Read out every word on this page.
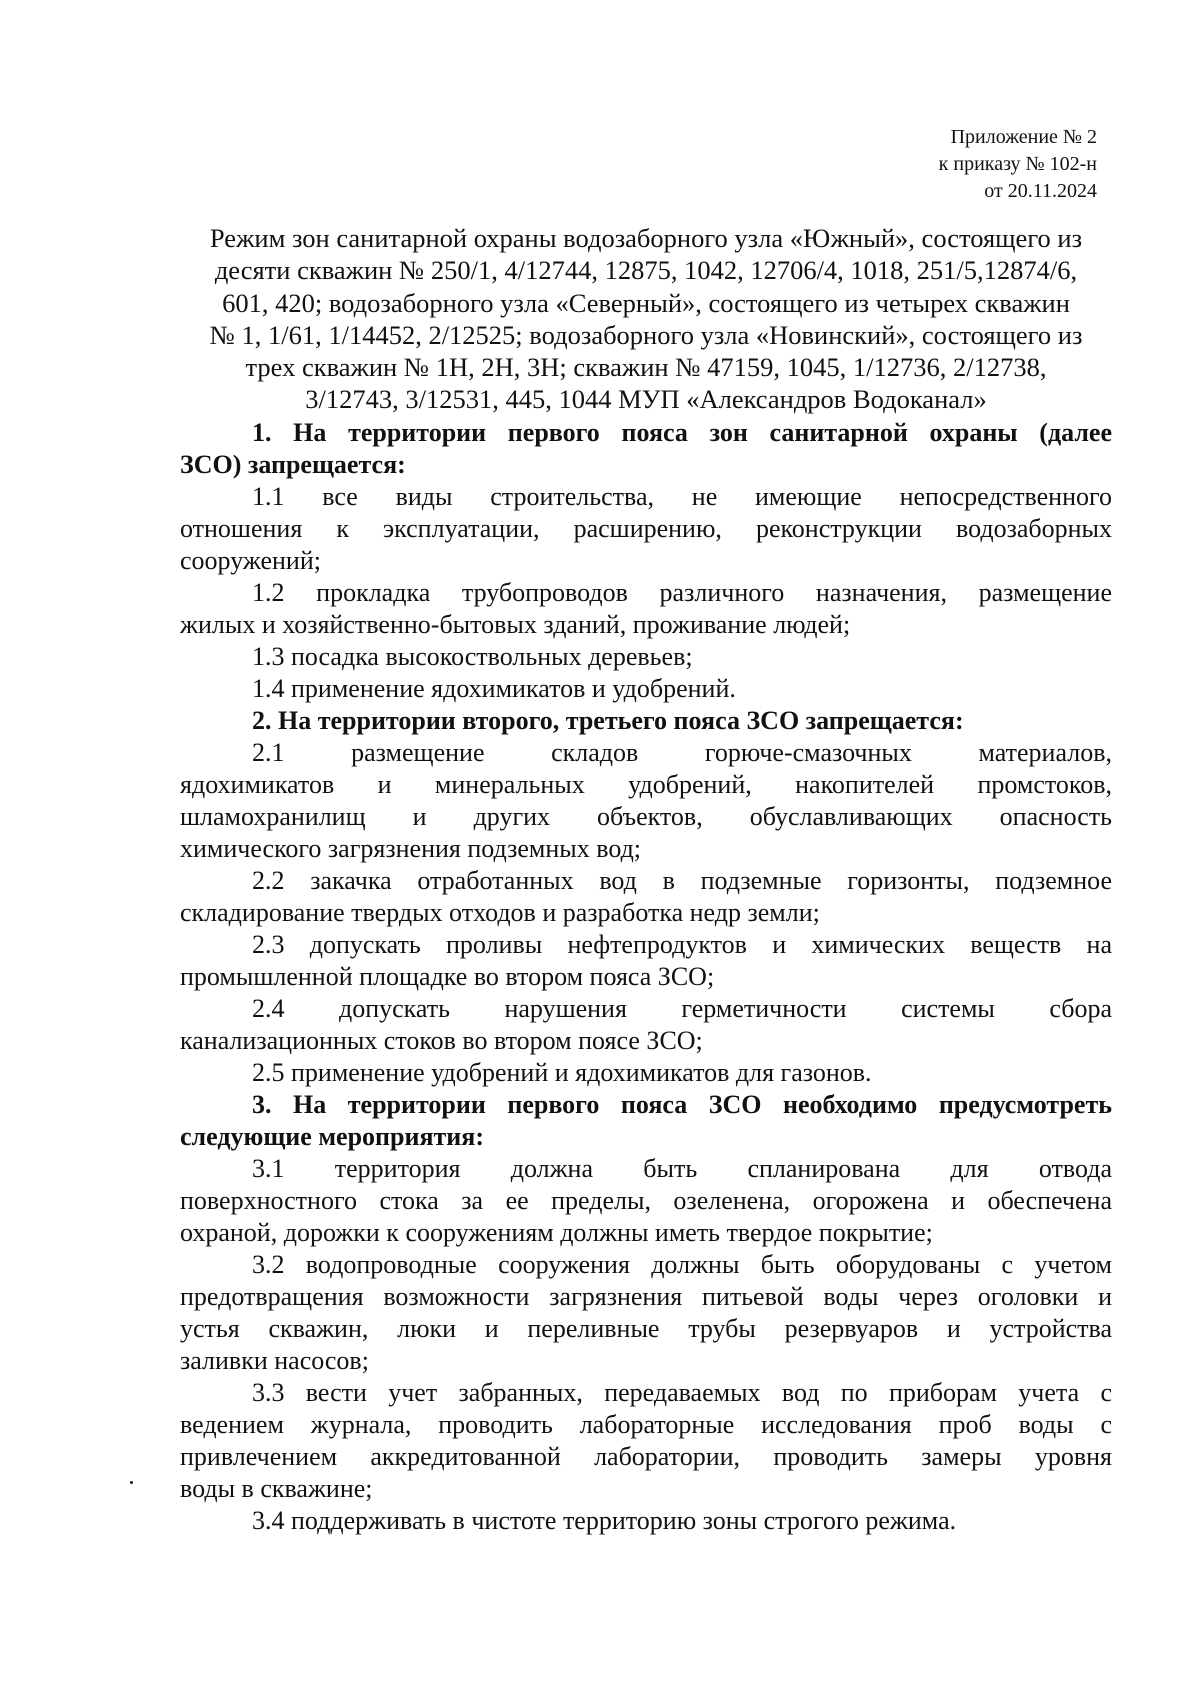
Приложение № 2
к приказу № 102-н
от 20.11.2024
Режим зон санитарной охраны водозаборного узла «Южный», состоящего из
десяти скважин № 250/1, 4/12744, 12875, 1042, 12706/4, 1018, 251/5,12874/6,
601, 420; водозаборного узла «Северный», состоящего из четырех скважин
№ 1, 1/61, 1/14452, 2/12525; водозаборного узла «Новинский», состоящего из
трех скважин № 1Н, 2Н, 3Н; скважин № 47159, 1045, 1/12736, 2/12738,
3/12743, 3/12531, 445, 1044 МУП «Александров Водоканал»
1. На территории первого пояса зон санитарной охраны (далее
ЗСО) запрещается:
1.1 все виды строительства, не имеющие непосредственного
отношения к эксплуатации, расширению, реконструкции водозаборных
сооружений;
1.2 прокладка трубопроводов различного назначения, размещение
жилых и хозяйственно-бытовых зданий, проживание людей;
1.3 посадка высокоствольных деревьев;
1.4 применение ядохимикатов и удобрений.
2. На территории второго, третьего пояса ЗСО запрещается:
2.1 размещение складов горюче-смазочных материалов,
ядохимикатов и минеральных удобрений, накопителей промстоков,
шламохранилищ и других объектов, обуславливающих опасность
химического загрязнения подземных вод;
2.2 закачка отработанных вод в подземные горизонты, подземное
складирование твердых отходов и разработка недр земли;
2.3 допускать проливы нефтепродуктов и химических веществ на
промышленной площадке во втором пояса ЗСО;
2.4 допускать нарушения герметичности системы сбора
канализационных стоков во втором поясе ЗСО;
2.5 применение удобрений и ядохимикатов для газонов.
3. На территории первого пояса ЗСО необходимо предусмотреть
следующие мероприятия:
3.1 территория должна быть спланирована для отвода
поверхностного стока за ее пределы, озеленена, огорожена и обеспечена
охраной, дорожки к сооружениям должны иметь твердое покрытие;
3.2 водопроводные сооружения должны быть оборудованы с учетом
предотвращения возможности загрязнения питьевой воды через оголовки и
устья скважин, люки и переливные трубы резервуаров и устройства
заливки насосов;
3.3 вести учет забранных, передаваемых вод по приборам учета с
ведением журнала, проводить лабораторные исследования проб воды с
привлечением аккредитованной лаборатории, проводить замеры уровня
воды в скважине;
3.4 поддерживать в чистоте территорию зоны строгого режима.
